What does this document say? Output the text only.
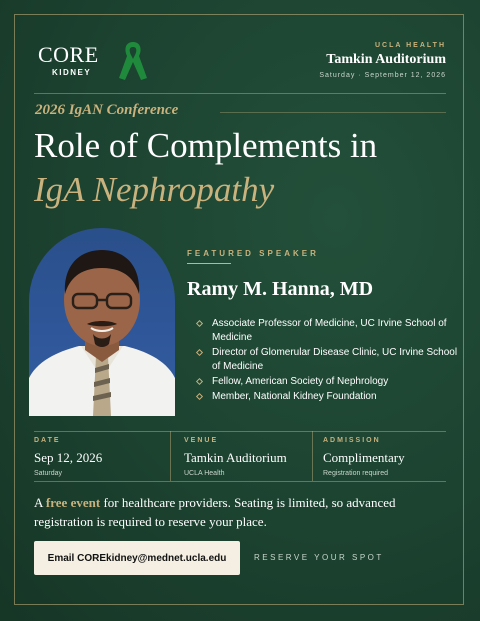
CORE
KIDNEY
UCLA HEALTH
Tamkin Auditorium
Saturday · September 12, 2026
2026 IgAN Conference
Role of Complements in
IgA Nephropathy
FEATURED SPEAKER
Ramy M. Hanna, MD
Associate Professor of Medicine, UC Irvine School of Medicine
Director of Glomerular Disease Clinic, UC Irvine School of Medicine
Fellow, American Society of Nephrology
Member, National Kidney Foundation
DATE
Sep 12, 2026
Saturday
VENUE
Tamkin Auditorium
UCLA Health
ADMISSION
Complimentary
Registration required
A free event for healthcare providers. Seating is limited, so advanced registration is required to reserve your place.
Email COREkidney@mednet.ucla.edu	RESERVE YOUR SPOT
